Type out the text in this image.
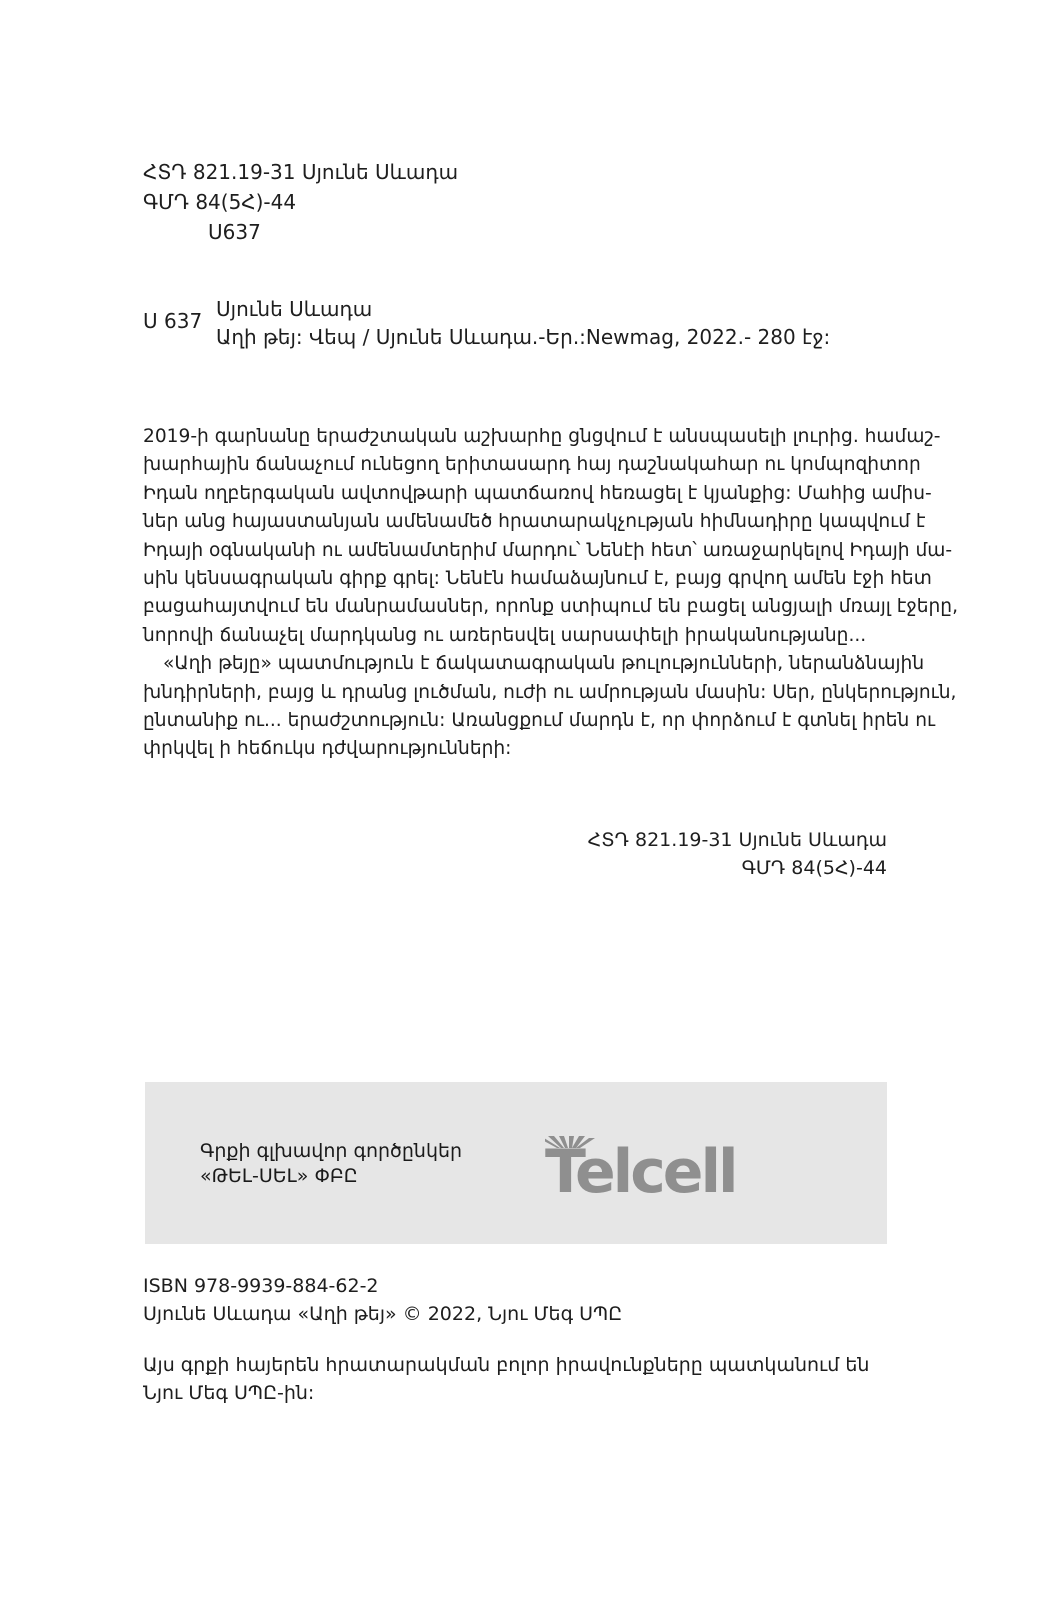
ՀՏԴ 821.19-31 Սյունե Սևադա
ԳՄԴ 84(5Հ)-44
Ս637
Ս 637 Սյունե Սևադա
Աղի թեյ: Վեպ / Սյունե Սևադա.-Եր.:Newmag, 2022.- 280 էջ:
2019-ի գարնանը երաժշտական աշխարհը ցնցվում է անսպասելի լուրից. համաշ-
խարհային ճանաչում ունեցող երիտասարդ հայ դաշնակահար ու կոմպոզիտոր
Իդան ողբերգական ավտովթարի պատճառով հեռացել է կյանքից: Մահից ամիս-
ներ անց հայաստանյան ամենամեծ հրատարակչության հիմնադիրը կապվում է
Իդայի օգնականի ու ամենամտերիմ մարդու՝ Նենէի հետ՝ առաջարկելով Իդայի մա-
սին կենսագրական գիրք գրել: Նենէն համաձայնում է, բայց գրվող ամեն էջի հետ
բացահայտվում են մանրամասներ, որոնք ստիպում են բացել անցյալի մռայլ էջերը,
նորովի ճանաչել մարդկանց ու առերեսվել սարսափելի իրականությանը...
«Աղի թեյը» պատմություն է ճակատագրական թուլությունների, ներանձնային
խնդիրների, բայց և դրանց լուծման, ուժի ու ամրության մասին: Սեր, ընկերություն,
ընտանիք ու... երաժշտություն: Առանցքում մարդն է, որ փորձում է գտնել իրեն ու
փրկվել ի հեճուկս դժվարությունների:
ՀՏԴ 821.19-31 Սյունե Սևադա
ԳՄԴ 84(5Հ)-44
Գրքի գլխավոր գործընկեր
«ԹԵԼ-ՍԵԼ» ՓԲԸ	Telcell
ISBN 978-9939-884-62-2
Սյունե Սևադա «Աղի թեյ» © 2022, Նյու Մեգ ՍՊԸ
Այս գրքի հայերեն հրատարակման բոլոր իրավունքները պատկանում են
Նյու Մեգ ՍՊԸ-ին:
